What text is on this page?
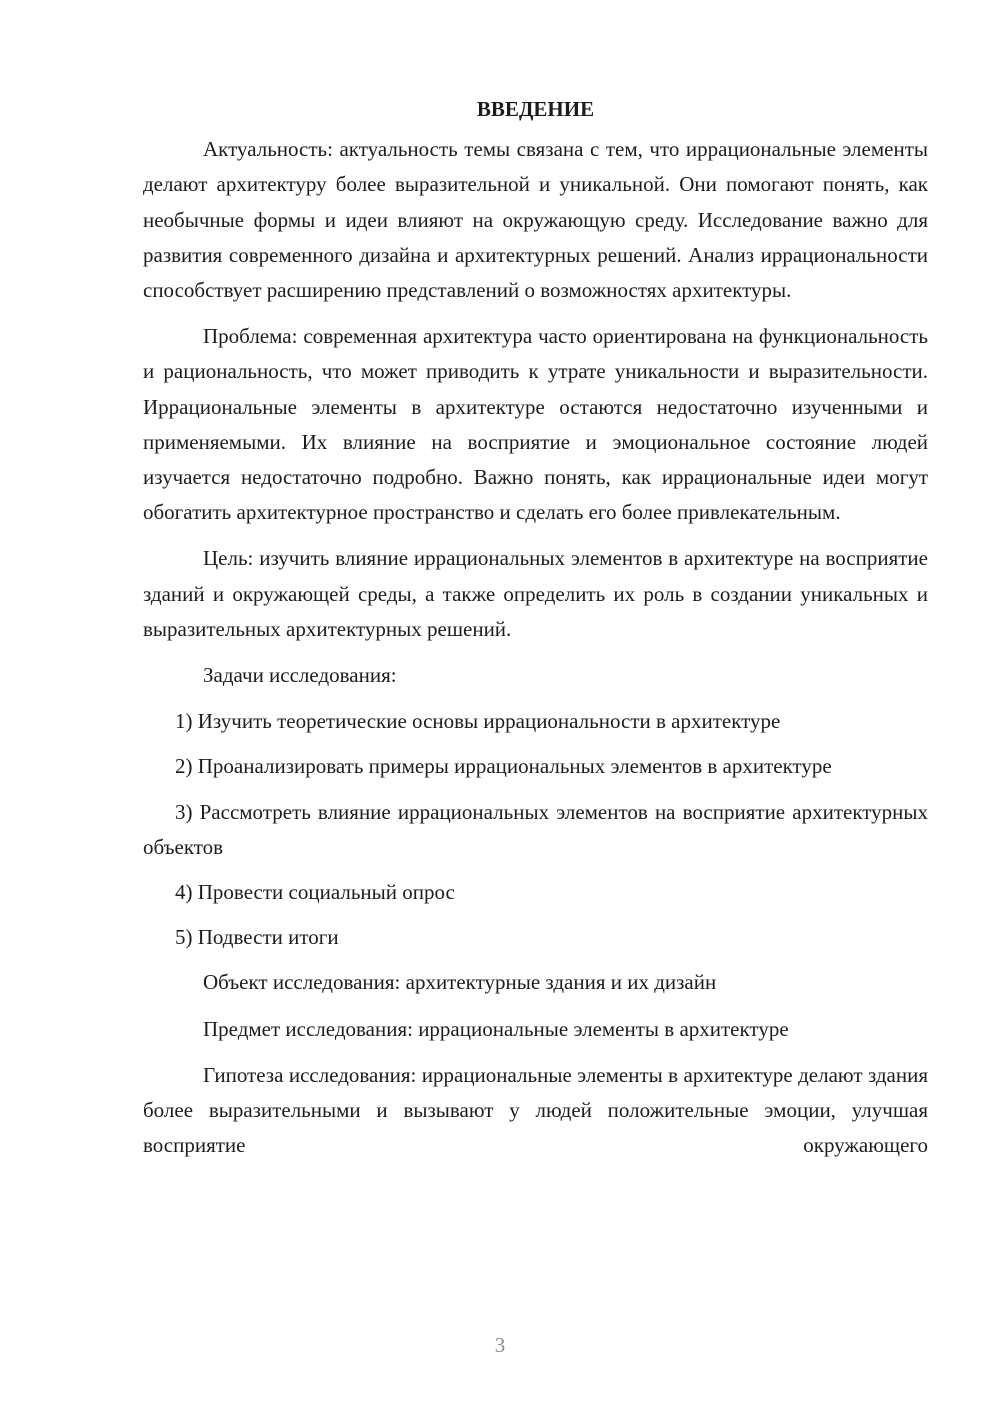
ВВЕДЕНИЕ

Актуальность: актуальность темы связана с тем, что иррациональные элементы делают архитектуру более выразительной и уникальной. Они помогают понять, как необычные формы и идеи влияют на окружающую среду. Исследование важно для развития современного дизайна и архитектурных решений. Анализ иррациональности способствует расширению представлений о возможностях архитектуры.

Проблема: современная архитектура часто ориентирована на функциональность и рациональность, что может приводить к утрате уникальности и выразительности. Иррациональные элементы в архитектуре остаются недостаточно изученными и применяемыми. Их влияние на восприятие и эмоциональное состояние людей изучается недостаточно подробно. Важно понять, как иррациональные идеи могут обогатить архитектурное пространство и сделать его более привлекательным.

Цель: изучить влияние иррациональных элементов в архитектуре на восприятие зданий и окружающей среды, а также определить их роль в создании уникальных и выразительных архитектурных решений.

Задачи исследования:

1) Изучить теоретические основы иррациональности в архитектуре

2) Проанализировать примеры иррациональных элементов в архитектуре

3) Рассмотреть влияние иррациональных элементов на восприятие архитектурных объектов

4) Провести социальный опрос

5) Подвести итоги

Объект исследования: архитектурные здания и их дизайн

Предмет исследования: иррациональные элементы в архитектуре

Гипотеза исследования: иррациональные элементы в архитектуре делают здания более выразительными и вызывают у людей положительные эмоции, улучшая восприятие окружающего

3
